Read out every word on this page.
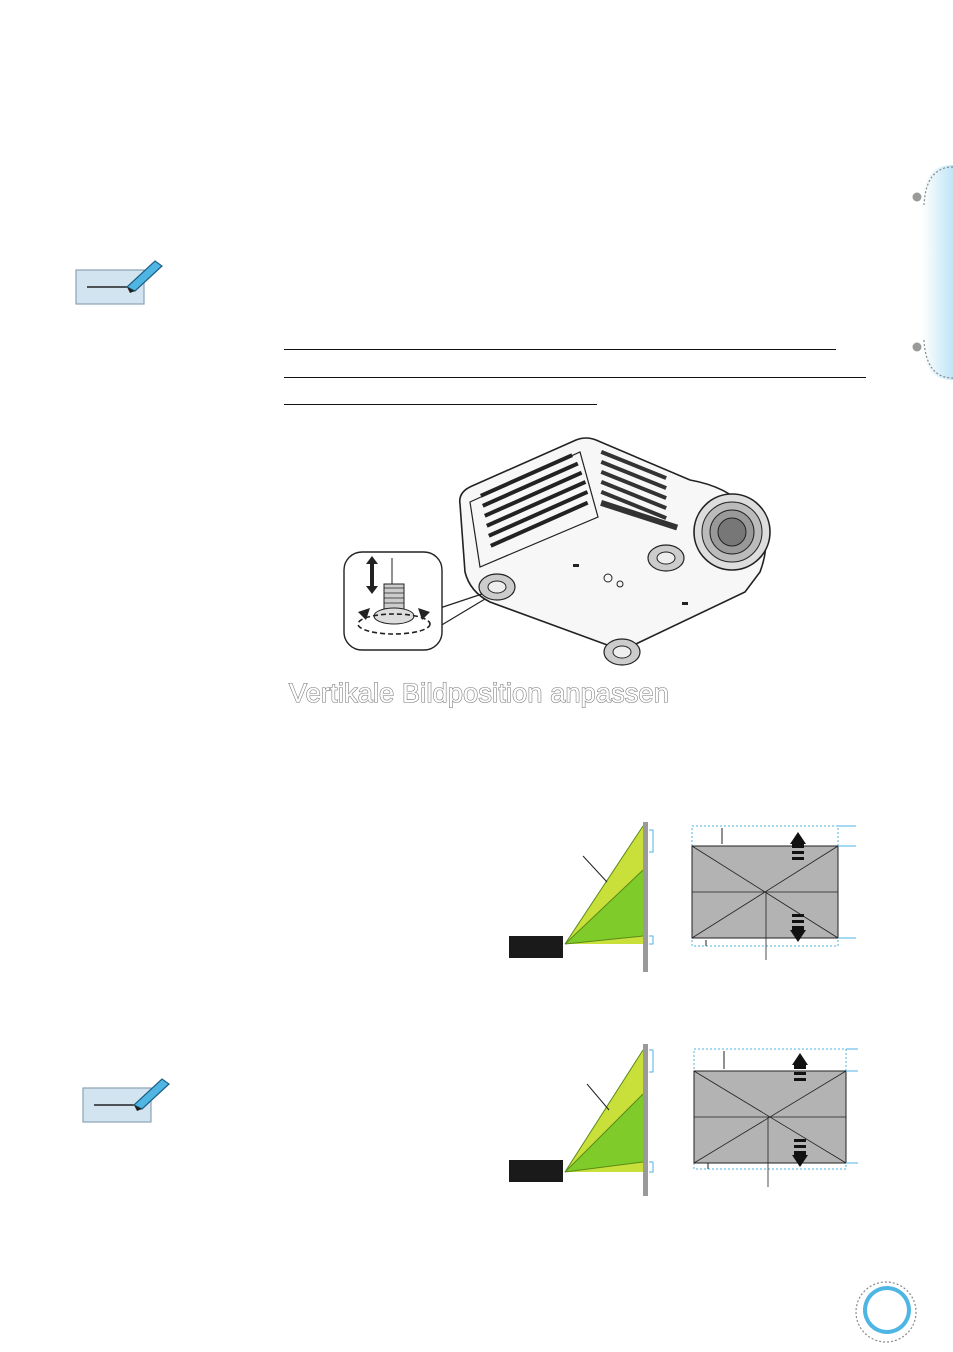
Vertikale Bildposition anpassen
